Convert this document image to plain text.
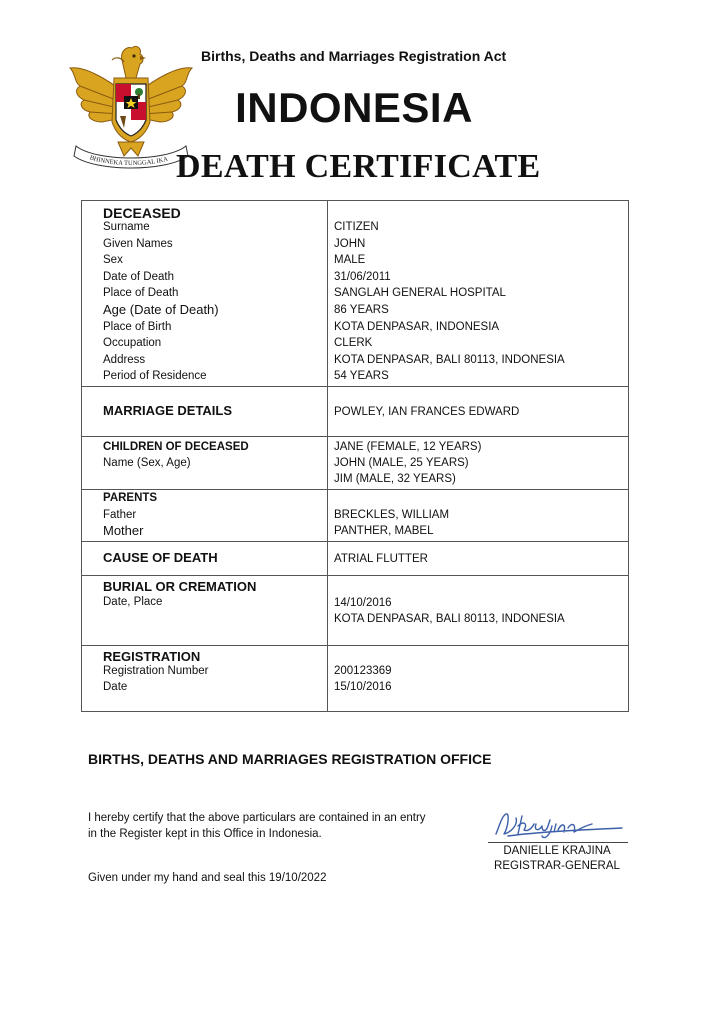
BHINNEKA TUNGGAL IKA
Births, Deaths and Marriages Registration Act
INDONESIA
DEATH CERTIFICATE
DECEASED
Surname	CITIZEN
Given Names	JOHN
Sex	MALE
Date of Death	31/06/2011
Place of Death	SANGLAH GENERAL HOSPITAL
Age (Date of Death)	86 YEARS
Place of Birth	KOTA DENPASAR, INDONESIA
Occupation	CLERK
Address	KOTA DENPASAR, BALI 80113, INDONESIA
Period of Residence	54 YEARS
MARRIAGE DETAILS	POWLEY, IAN FRANCES EDWARD
CHILDREN OF DECEASED
Name (Sex, Age)
JANE (FEMALE, 12 YEARS)
JOHN (MALE, 25 YEARS)
JIM (MALE, 32 YEARS)
PARENTS
Father	BRECKLES, WILLIAM
Mother	PANTHER, MABEL
CAUSE OF DEATH	ATRIAL FLUTTER
BURIAL OR CREMATION
Date, Place	14/10/2016
KOTA DENPASAR, BALI 80113, INDONESIA
REGISTRATION
Registration Number	200123369
Date	15/10/2016
BIRTHS, DEATHS AND MARRIAGES REGISTRATION OFFICE
I hereby certify that the above particulars are contained in an entry
in the Register kept in this Office in Indonesia.
Given under my hand and seal this 19/10/2022
DANIELLE KRAJINA
REGISTRAR-GENERAL
